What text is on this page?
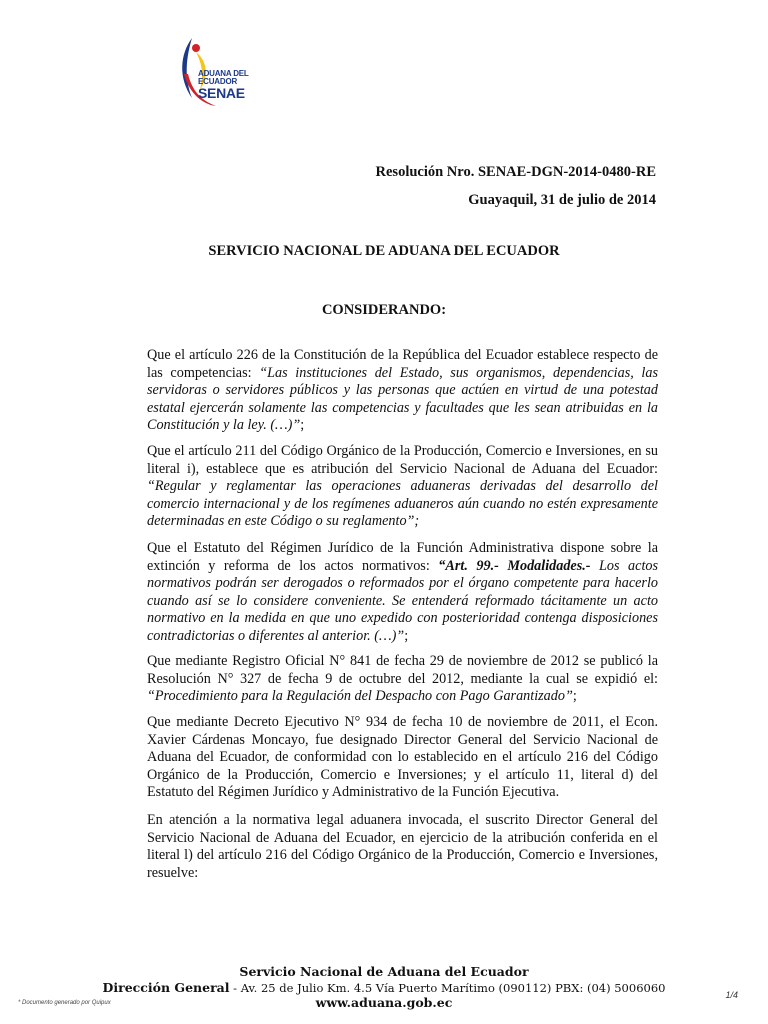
ADUANA DEL
ECUADOR
SENAE
Resolución Nro. SENAE-DGN-2014-0480-RE
Guayaquil, 31 de julio de 2014
SERVICIO NACIONAL DE ADUANA DEL ECUADOR
CONSIDERANDO:
Que el artículo 226 de la Constitución de la República del Ecuador establece respecto de las competencias: “Las instituciones del Estado, sus organismos, dependencias, las servidoras o servidores públicos y las personas que actúen en virtud de una potestad estatal ejercerán solamente las competencias y facultades que les sean atribuidas en la Constitución y la ley. (…)”;
Que el artículo 211 del Código Orgánico de la Producción, Comercio e Inversiones, en su literal i), establece que es atribución del Servicio Nacional de Aduana del Ecuador: “Regular y reglamentar las operaciones aduaneras derivadas del desarrollo del comercio internacional y de los regímenes aduaneros aún cuando no estén expresamente determinadas en este Código o su reglamento”;
Que el Estatuto del Régimen Jurídico de la Función Administrativa dispone sobre la extinción y reforma de los actos normativos: “Art. 99.- Modalidades.- Los actos normativos podrán ser derogados o reformados por el órgano competente para hacerlo cuando así se lo considere conveniente. Se entenderá reformado tácitamente un acto normativo en la medida en que uno expedido con posterioridad contenga disposiciones contradictorias o diferentes al anterior. (…)”;
Que mediante Registro Oficial N° 841 de fecha 29 de noviembre de 2012 se publicó la Resolución N° 327 de fecha 9 de octubre del 2012, mediante la cual se expidió el: “Procedimiento para la Regulación del Despacho con Pago Garantizado”;
Que mediante Decreto Ejecutivo N° 934 de fecha 10 de noviembre de 2011, el Econ. Xavier Cárdenas Moncayo, fue designado Director General del Servicio Nacional de Aduana del Ecuador, de conformidad con lo establecido en el artículo 216 del Código Orgánico de la Producción, Comercio e Inversiones; y el artículo 11, literal d) del Estatuto del Régimen Jurídico y Administrativo de la Función Ejecutiva.
En atención a la normativa legal aduanera invocada, el suscrito Director General del Servicio Nacional de Aduana del Ecuador, en ejercicio de la atribución conferida en el literal l) del artículo 216 del Código Orgánico de la Producción, Comercio e Inversiones, resuelve:
Servicio Nacional de Aduana del Ecuador
Dirección General - Av. 25 de Julio Km. 4.5 Vía Puerto Marítimo (090112) PBX: (04) 5006060
www.aduana.gob.ec
* Documento generado por Quipux
1/4
